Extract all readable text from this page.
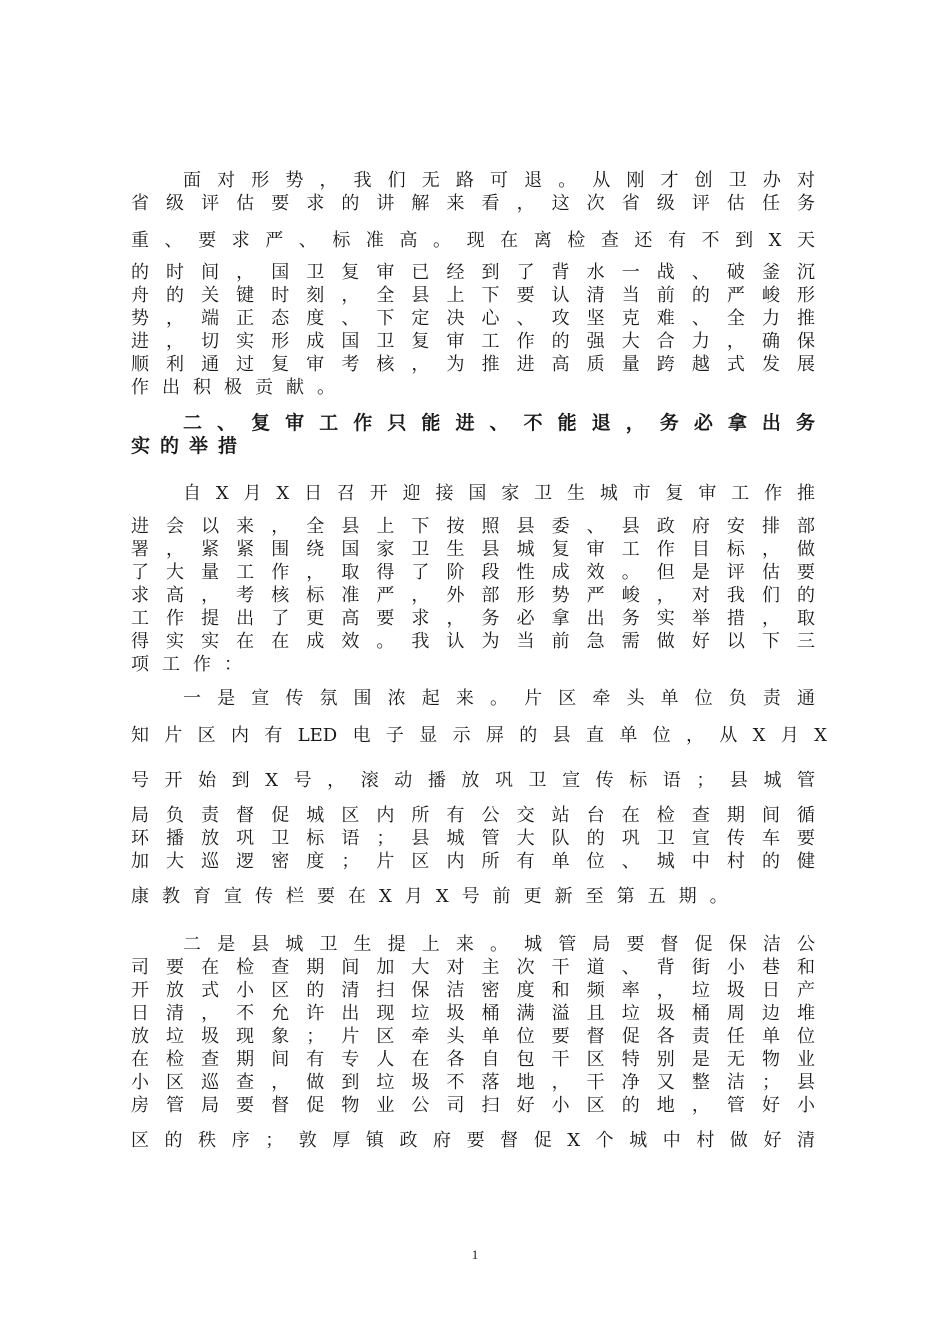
面对形势，我们无路可退。从刚才创卫办对
省级评估要求的讲解来看，这次省级评估任务
重、要求严、标准高。现在离检查还有不到X天
的时间，国卫复审已经到了背水一战、破釜沉
舟的关键时刻，全县上下要认清当前的严峻形
势，端正态度、下定决心、攻坚克难、全力推
进，切实形成国卫复审工作的强大合力，确保
顺利通过复审考核，为推进高质量跨越式发展
作出积极贡献。
二、复审工作只能进、不能退，务必拿出务
实的举措
自X月X日召开迎接国家卫生城市复审工作推
进会以来，全县上下按照县委、县政府安排部
署，紧紧围绕国家卫生县城复审工作目标，做
了大量工作，取得了阶段性成效。但是评估要
求高，考核标准严，外部形势严峻，对我们的
工作提出了更高要求，务必拿出务实举措，取
得实实在在成效。我认为当前急需做好以下三
项工作：
一是宣传氛围浓起来。片区牵头单位负责通
知片区内有LED电子显示屏的县直单位，从X月X
号开始到X号，滚动播放巩卫宣传标语；县城管
局负责督促城区内所有公交站台在检查期间循
环播放巩卫标语；县城管大队的巩卫宣传车要
加大巡逻密度；片区内所有单位、城中村的健
康教育宣传栏要在X月X号前更新至第五期。
二是县城卫生提上来。城管局要督促保洁公
司要在检查期间加大对主次干道、背街小巷和
开放式小区的清扫保洁密度和频率，垃圾日产
日清，不允许出现垃圾桶满溢且垃圾桶周边堆
放垃圾现象；片区牵头单位要督促各责任单位
在检查期间有专人在各自包干区特别是无物业
小区巡查，做到垃圾不落地，干净又整洁；县
房管局要督促物业公司扫好小区的地，管好小
区的秩序；敦厚镇政府要督促X个城中村做好清
1
